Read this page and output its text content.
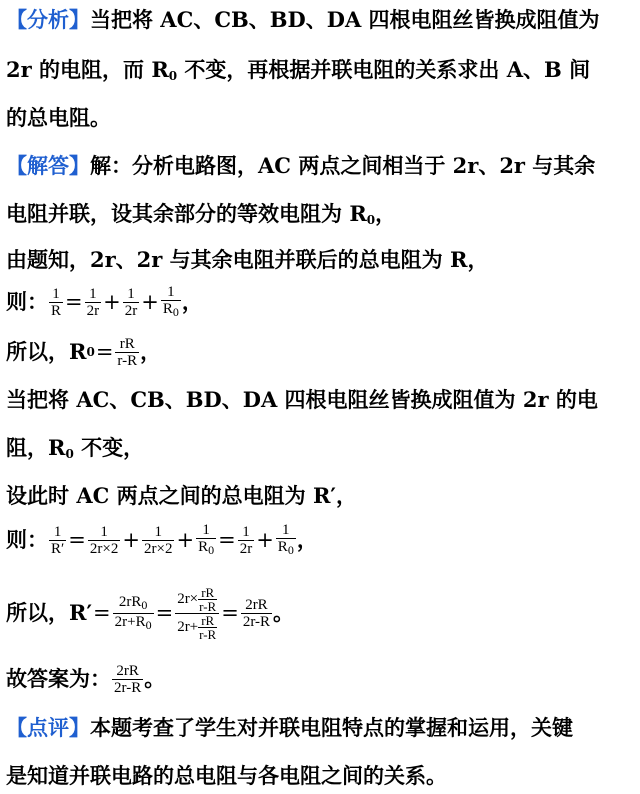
【分析】当把将 AC、CB、BD、DA 四根电阻丝皆换成阻值为
2r 的电阻，而 $R_0$ 不变，再根据并联电阻的关系求出 A、B 间
的总电阻。
【解答】解：分析电路图，AC 两点之间相当于 2r、2r 与其余
电阻并联，设其余部分的等效电阻为 $R_0$，
由题知，2r、2r 与其余电阻并联后的总电阻为 R，
则： $\frac{1}{R} = \frac{1}{2r} + \frac{1}{2r} + \frac{1}{R_0}$ ，
所以， R $0 = \frac{rR}{r-R}$ ，
当把将 AC、CB、BD、DA 四根电阻丝皆换成阻值为 2r 的电
阻，$R_0$ 不变，
设此时 AC 两点之间的总电阻为 R′，
则： $\frac{1}{R'} = \frac{1}{2r\times 2} + \frac{1}{2r\times 2} + \frac{1}{R_0} = \frac{1}{2r} + \frac{1}{R_0}$ ，
所以， $R' = \frac{2rR_0}{2r+R_0} = \frac{2r\times \frac{rR}{r-R}}{2r+ \frac{rR}{r-R}} = \frac{2rR}{2r-R}$ 。
故答案为： $\frac{2rR}{2r-R}$ 。
【点评】本题考查了学生对并联电阻特点的掌握和运用，关键
是知道并联电路的总电阻与各电阻之间的关系。
